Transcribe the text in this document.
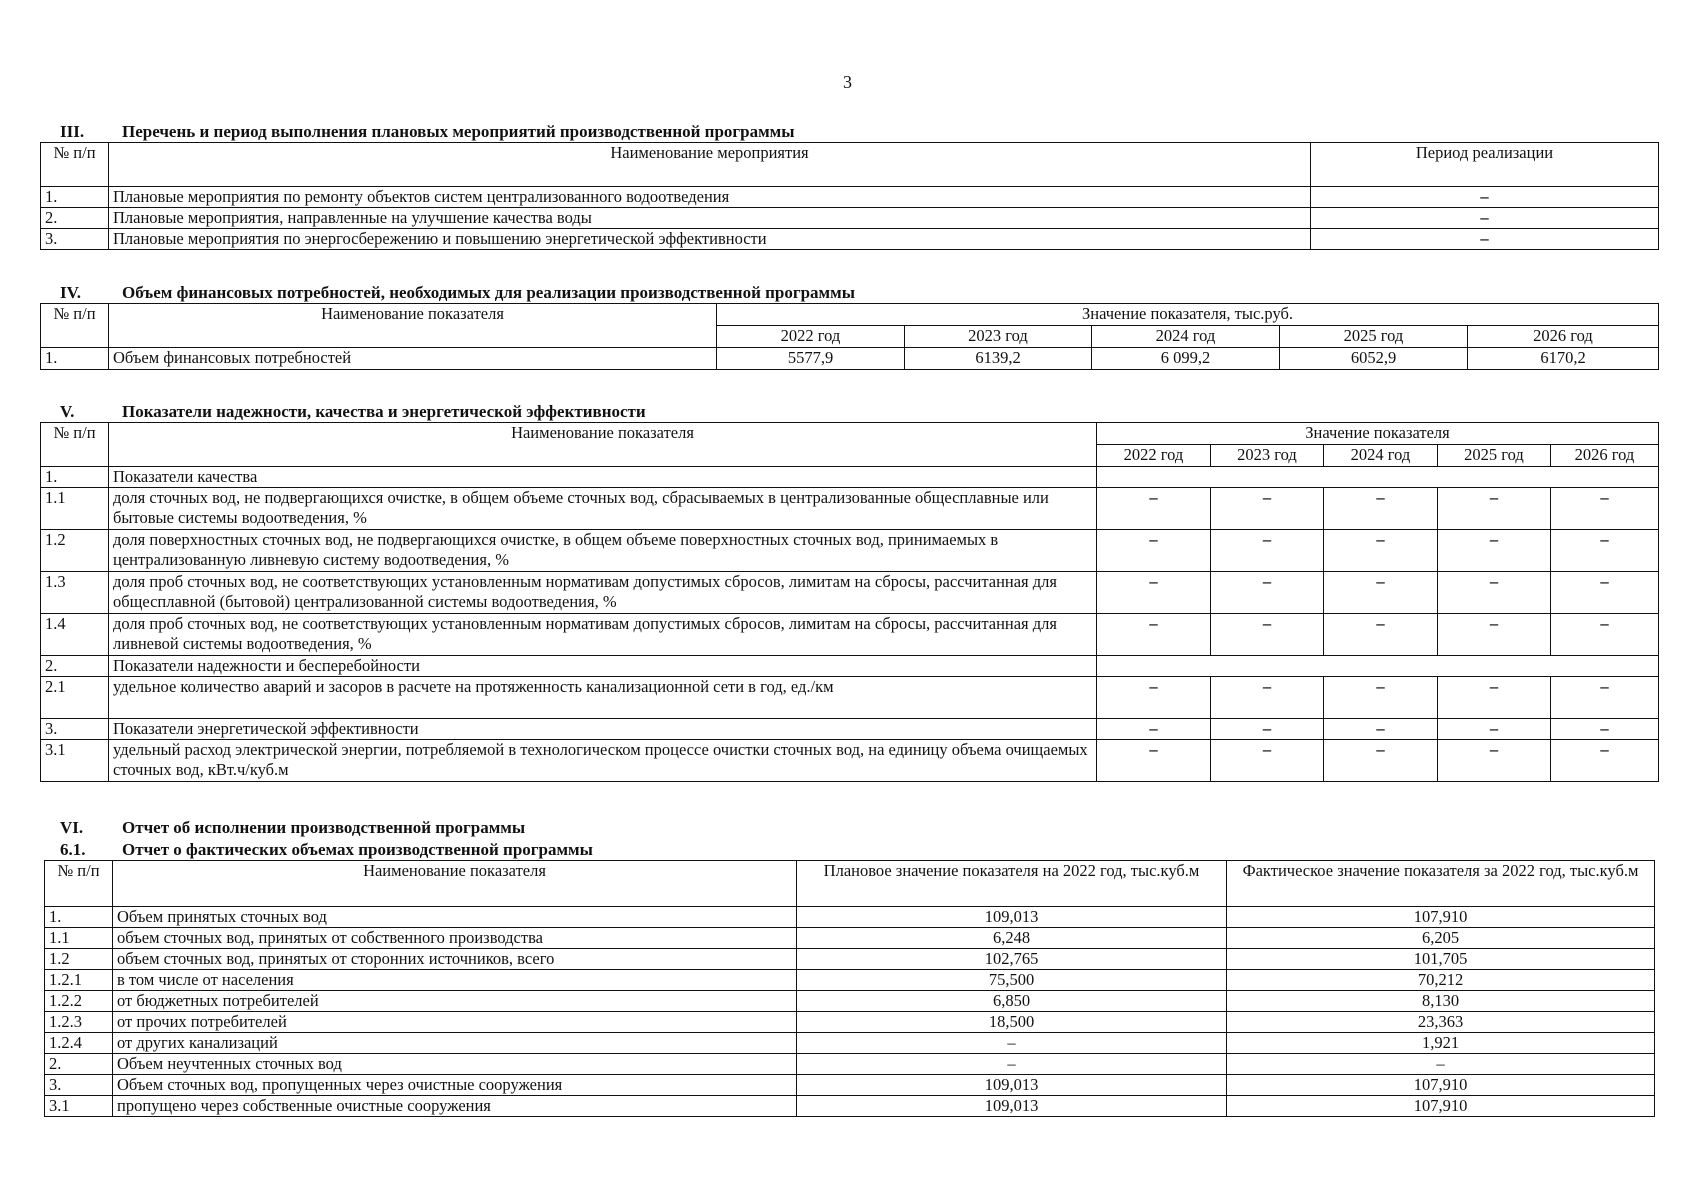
3
III. Перечень и период выполнения плановых мероприятий производственной программы
№ п/п	Наименование мероприятия	Период реализации
1.	Плановые мероприятия по ремонту объектов систем централизованного водоотведения	–
2.	Плановые мероприятия, направленные на улучшение качества воды	–
3.	Плановые мероприятия по энергосбережению и повышению энергетической эффективности	–
IV. Объем финансовых потребностей, необходимых для реализации производственной программы
№ п/п	Наименование показателя	Значение показателя, тыс.руб.				
		2022 год	2023 год	2024 год	2025 год	2026 год
1.	Объем финансовых потребностей	5577,9	6139,2	6 099,2	6052,9	6170,2
V.	Показатели надежности, качества и энергетической эффективности
№ п/п	Наименование показателя	Значение показателя				
		2022 год	2023 год	2024 год	2025 год	2026 год
1.	Показатели качества					
1.1	доля сточных вод, не подвергающихся очистке, в общем объеме сточных вод, сбрасываемых в централизованные общесплавные или бытовые системы водоотведения, %	–	–	–	–	–
1.2	доля поверхностных сточных вод, не подвергающихся очистке, в общем объеме поверхностных сточных вод, принимаемых в централизованную ливневую систему водоотведения, %	–	–	–	–	–
1.3	доля проб сточных вод, не соответствующих установленным нормативам допустимых сбросов, лимитам на сбросы, рассчитанная для общесплавной (бытовой) централизованной системы водоотведения, %	–	–	–	–	–
1.4	доля проб сточных вод, не соответствующих установленным нормативам допустимых сбросов, лимитам на сбросы, рассчитанная для ливневой системы водоотведения, %	–	–	–	–	–
2.	Показатели надежности и бесперебойности					
2.1	удельное количество аварий и засоров в расчете на протяженность канализационной сети в год, ед./км	–	–	–	–	–
3.	Показатели энергетической эффективности	–	–	–	–	–
3.1	удельный расход электрической энергии, потребляемой в технологическом процессе очистки сточных вод, на единицу объема очищаемых сточных вод, кВт.ч/куб.м	–	–	–	–	–
VI. Отчет об исполнении производственной программы
6.1. Отчет о фактических объемах производственной программы
№ п/п	Наименование показателя	Плановое значение показателя на 2022 год, тыс.куб.м	Фактическое значение показателя за 2022 год, тыс.куб.м
1.	Объем принятых сточных вод	109,013	107,910
1.1	объем сточных вод, принятых от собственного производства	6,248	6,205
1.2	объем сточных вод, принятых от сторонних источников, всего	102,765	101,705
1.2.1	в том числе от населения	75,500	70,212
1.2.2	от бюджетных потребителей	6,850	8,130
1.2.3	от прочих потребителей	18,500	23,363
1.2.4	от других канализаций	–	1,921
2.	Объем неучтенных сточных вод	–	–
3.	Объем сточных вод, пропущенных через очистные сооружения	109,013	107,910
3.1	пропущено через собственные очистные сооружения	109,013	107,910
